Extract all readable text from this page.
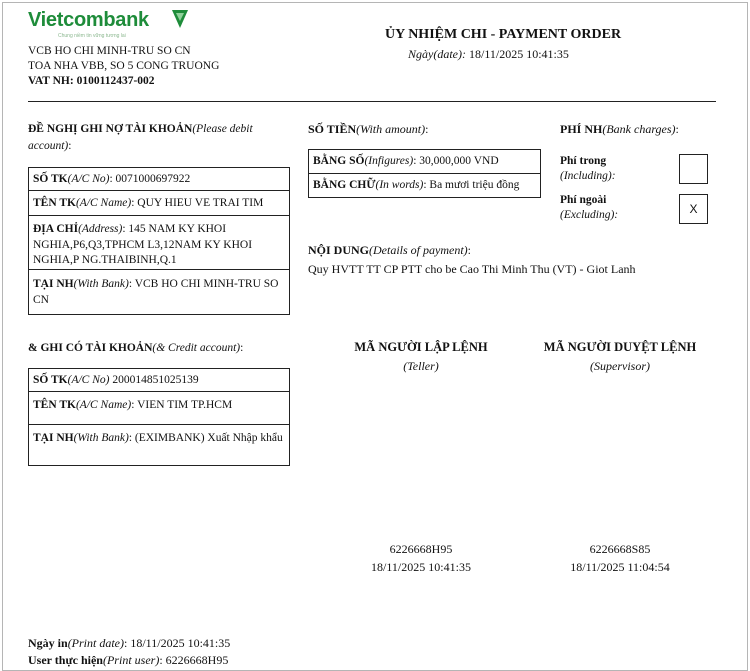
Vietcombank
Chung niềm tin vững tương lai
VCB HO CHI MINH-TRU SO CN
TOA NHA VBB, SO 5 CONG TRUONG
VAT NH: 0100112437-002
ỦY NHIỆM CHI - PAYMENT ORDER
Ngày(date): 18/11/2025 10:41:35
ĐỀ NGHỊ GHI NỢ TÀI KHOẢN(Please debit account):
SỐ TK(A/C No): 0071000697922
TÊN TK(A/C Name): QUY HIEU VE TRAI TIM
ĐỊA CHỈ(Address): 145 NAM KY KHOI NGHIA,P6,Q3,TPHCM L3,12NAM KY KHOI NGHIA,P NG.THAIBINH,Q.1
TẠI NH(With Bank): VCB HO CHI MINH-TRU SO CN
& GHI CÓ TÀI KHOẢN(& Credit account):
SỐ TK(A/C No) 200014851025139
TÊN TK(A/C Name): VIEN TIM TP.HCM
TẠI NH(With Bank): (EXIMBANK) Xuất Nhập khẩu
SỐ TIỀN(With amount):
BẰNG SỐ(Infigures): 30,000,000 VND
BẰNG CHỮ(In words): Ba mươi triệu đồng
PHÍ NH(Bank charges):
Phí trong
(Including):
Phí ngoài
(Excluding):	X
NỘI DUNG(Details of payment):
Quy HVTT TT CP PTT cho be Cao Thi Minh Thu (VT) - Giot Lanh
MÃ NGƯỜI LẬP LỆNH
(Teller)
6226668H95
18/11/2025 10:41:35
MÃ NGƯỜI DUYỆT LỆNH
(Supervisor)
6226668S85
18/11/2025 11:04:54
Ngày in(Print date): 18/11/2025 10:41:35
User thực hiện(Print user): 6226668H95
